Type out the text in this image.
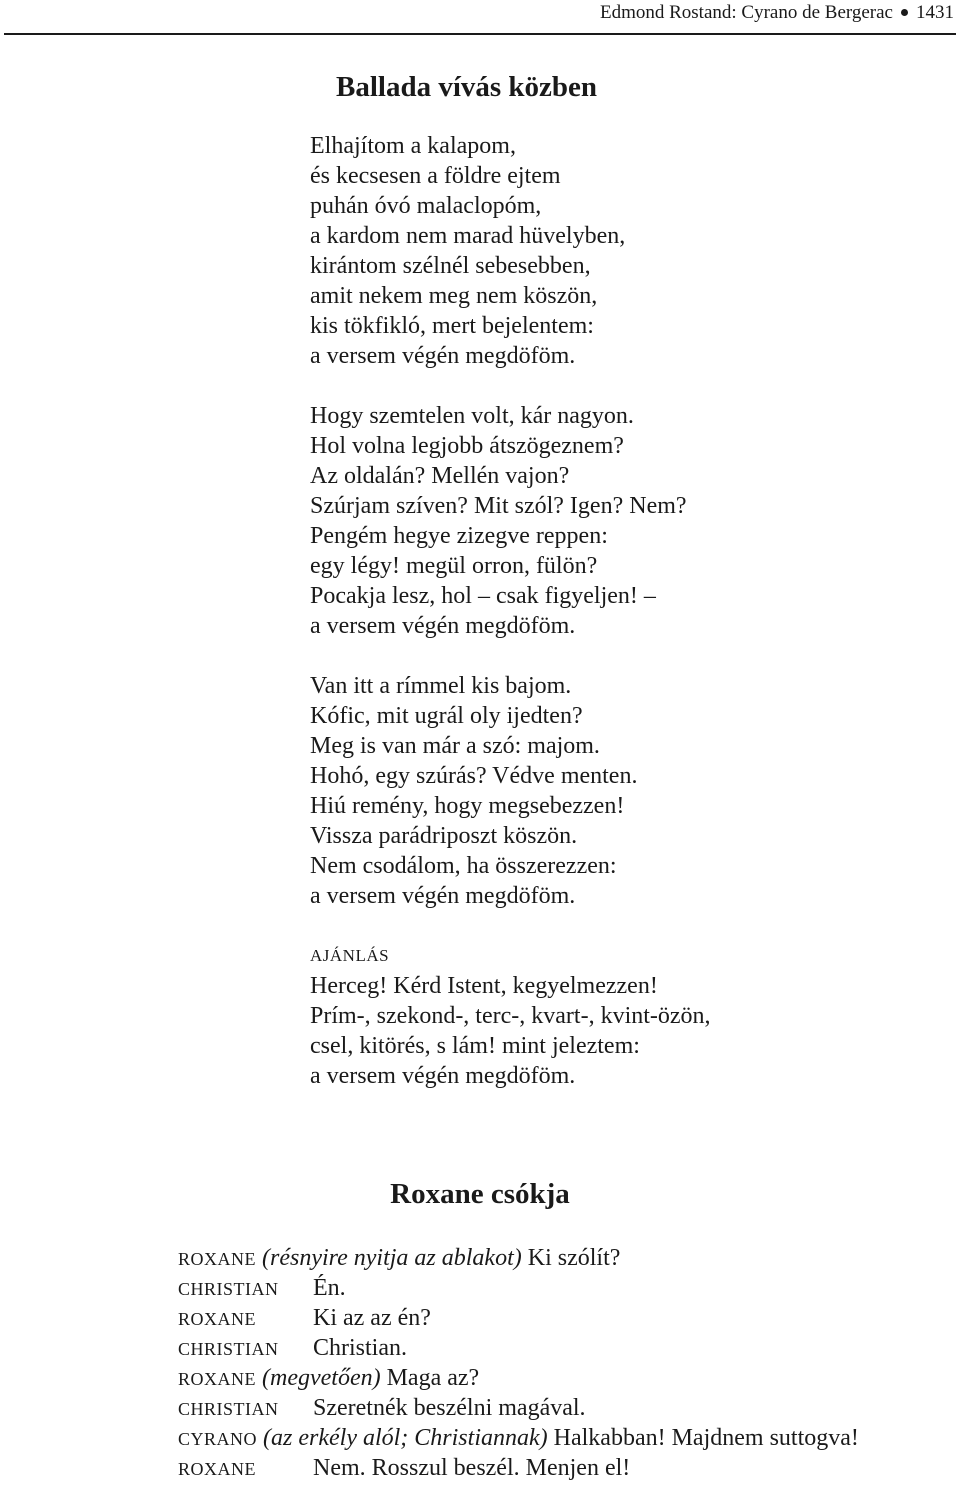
Edmond Rostand: Cyrano de Bergerac 1431
Ballada vívás közben
Elhajítom a kalapom,
és kecsesen a földre ejtem
puhán óvó malaclopóm,
a kardom nem marad hüvelyben,
kirántom szélnél sebesebben,
amit nekem meg nem köszön,
kis tökfikló, mert bejelentem:
a versem végén megdöföm.
Hogy szemtelen volt, kár nagyon.
Hol volna legjobb átszögeznem?
Az oldalán? Mellén vajon?
Szúrjam szíven? Mit szól? Igen? Nem?
Pengém hegye zizegve reppen:
egy légy! megül orron, fülön?
Pocakja lesz, hol – csak figyeljen! –
a versem végén megdöföm.
Van itt a rímmel kis bajom.
Kófic, mit ugrál oly ijedten?
Meg is van már a szó: majom.
Hohó, egy szúrás? Védve menten.
Hiú remény, hogy megsebezzen!
Vissza parádriposzt köszön.
Nem csodálom, ha összerezzen:
a versem végén megdöföm.
AJÁNLÁS
Herceg! Kérd Istent, kegyelmezzen!
Prím-, szekond-, terc-, kvart-, kvint-özön,
csel, kitörés, s lám! mint jeleztem:
a versem végén megdöföm.
Roxane csókja
ROXANE (résnyire nyitja az ablakot) Ki szólít?
CHRISTIAN Én.
ROXANE Ki az az én?
CHRISTIAN Christian.
ROXANE (megvetően) Maga az?
CHRISTIAN Szeretnék beszélni magával.
CYRANO (az erkély alól; Christiannak) Halkabban! Majdnem suttogva!
ROXANE Nem. Rosszul beszél. Menjen el!
